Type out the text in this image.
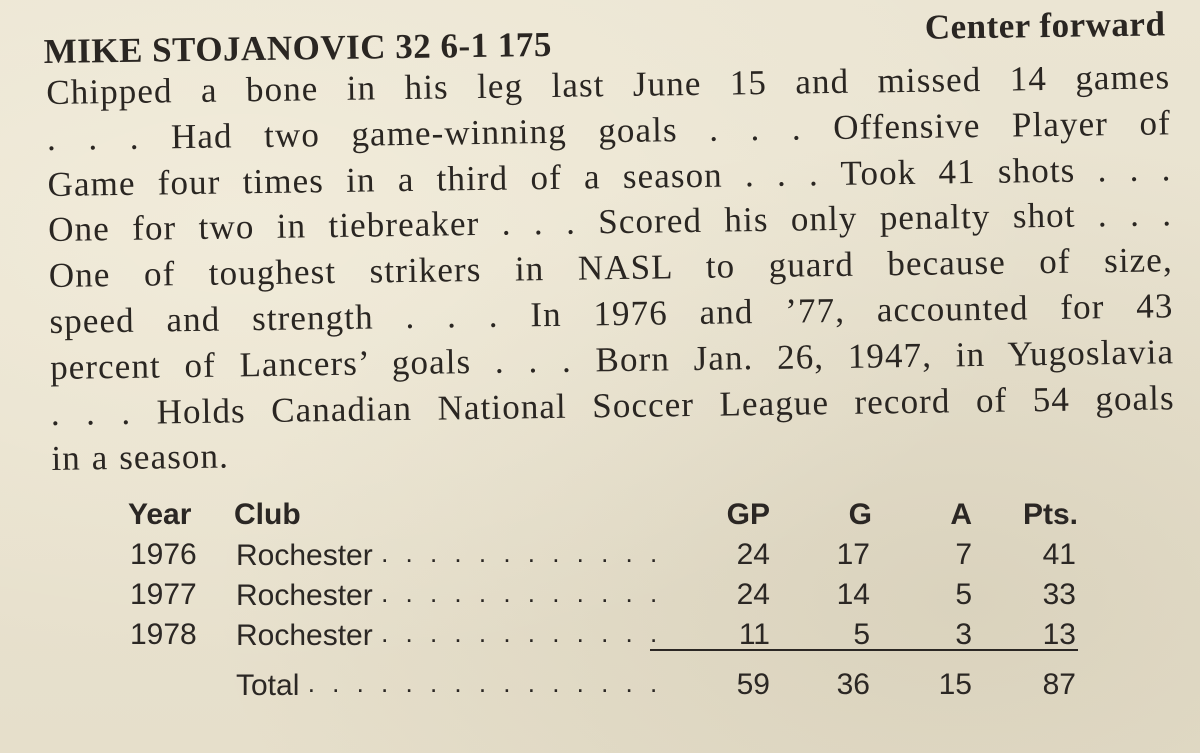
MIKE STOJANOVIC 32 6-1 175	Center forward
Chipped a bone in his leg last June 15 and missed 14 games
. . . Had two game-winning goals . . . Offensive Player of
Game four times in a third of a season . . . Took 41 shots . . .
One for two in tiebreaker . . . Scored his only penalty shot . . .
One of toughest strikers in NASL to guard because of size,
speed and strength . . . In 1976 and ’77, accounted for 43
percent of Lancers’ goals . . . Born Jan. 26, 1947, in Yugoslavia
. . . Holds Canadian National Soccer League record of 54 goals
in a season.
Year Club	GP	G	A Pts.
1976 Rochester . . . . . . . . . . . . 24 17	7 41
1977 Rochester . . . . . . . . . . . . 24 14	5 33
1978 Rochester . . . . . . . . . . . .	11	5	3 13
Total . . . . . . . . . . . . . . . 59 36 15 87
